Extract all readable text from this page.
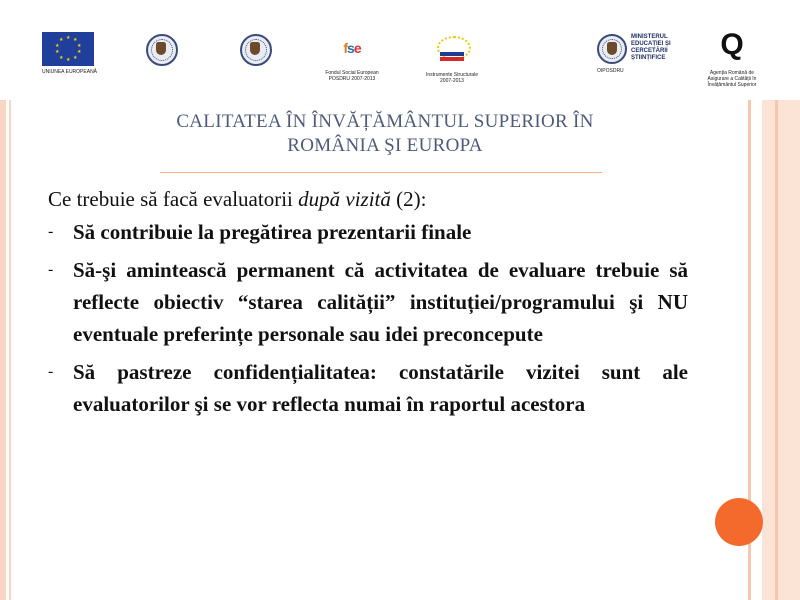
★ ★
★
★
★
★
★
★
★
★
UNIUNEA EUROPEANĂ
fse
Fondul Social European
POSDRU 2007-2013
Instrumente Structurale
2007-2013
MINISTERUL
EDUCAȚIEI ȘI
CERCETĂRII
ȘTIINȚIFICE
OIPOSDRU
Q
Agenția Română de
Asigurare a Calității în
Învățământul Superior
CALITATEA ÎN ÎNVĂȚĂMÂNTUL SUPERIOR ÎN
ROMÂNIA ŞI EUROPA

Ce trebuie să facă evaluatorii după vizită (2):

- Să contribuie la pregătirea prezentarii finale
- Să-şi amintească permanent că activitatea de evaluare trebuie să reflecte obiectiv “starea calității” instituției/programului şi NU eventuale preferințe personale sau idei preconcepute
- Să pastreze confidențialitatea: constatările vizitei sunt ale evaluatorilor şi se vor reflecta numai în raportul acestora
